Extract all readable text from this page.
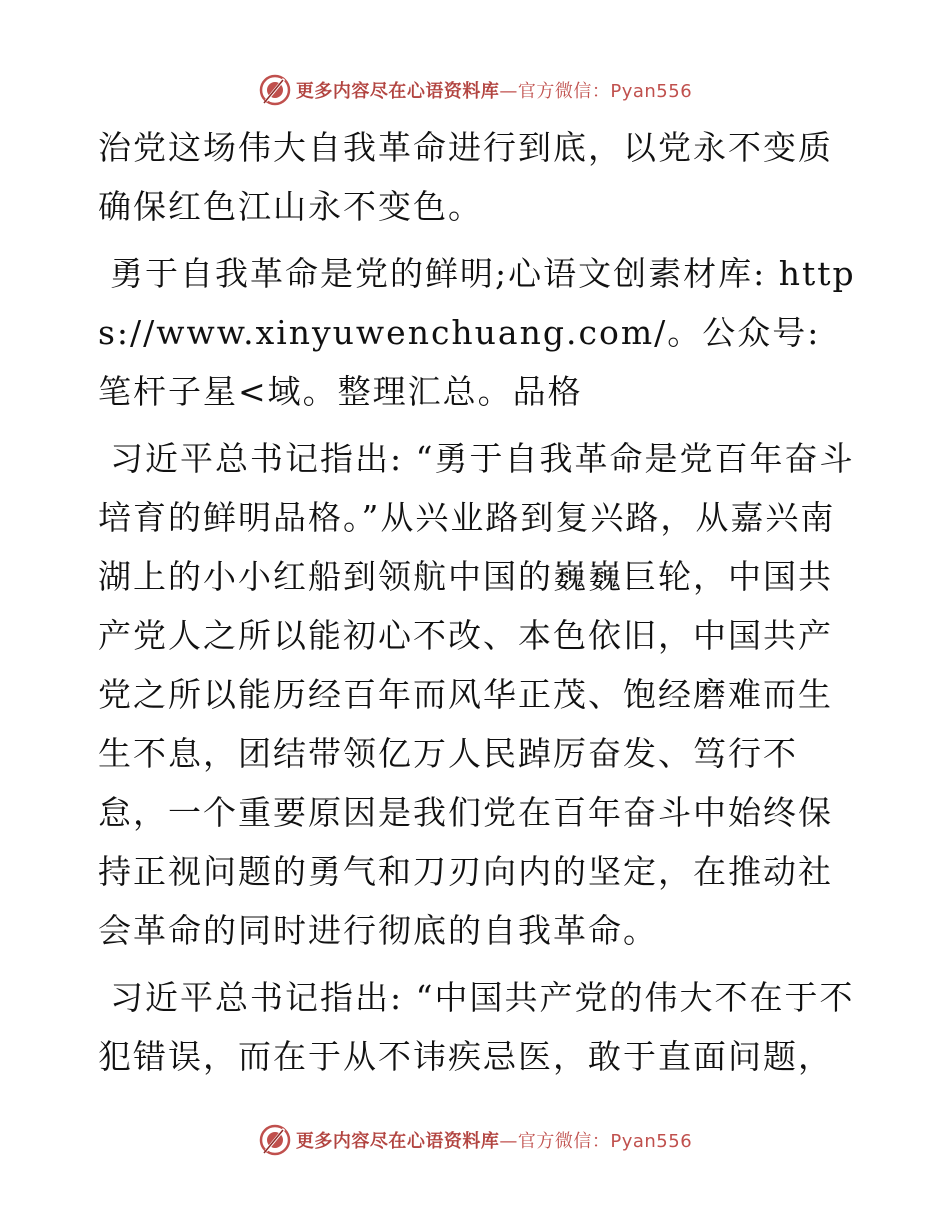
更多内容尽在心语资料库—官方微信：Pyan556

治党这场伟大自我革命进行到底，以党永不变质确保红色江山永不变色。

勇于自我革命是党的鲜明;心语文创素材库: https://www.xinyuwenchuang.com/。公众号: 笔杆子星<域。整理汇总。品格

习近平总书记指出: “勇于自我革命是党百年奋斗培育的鲜明品格。”从兴业路到复兴路，从嘉兴南湖上的小小红船到领航中国的巍巍巨轮，中国共产党人之所以能初心不改、本色依旧，中国共产党之所以能历经百年而风华正茂、饱经磨难而生生不息，团结带领亿万人民踔厉奋发、笃行不怠，一个重要原因是我们党在百年奋斗中始终保持正视问题的勇气和刀刃向内的坚定，在推动社会革命的同时进行彻底的自我革命。

习近平总书记指出: “中国共产党的伟大不在于不犯错误，而在于从不讳疾忌医，敢于直面问题，

更多内容尽在心语资料库—官方微信：Pyan556
